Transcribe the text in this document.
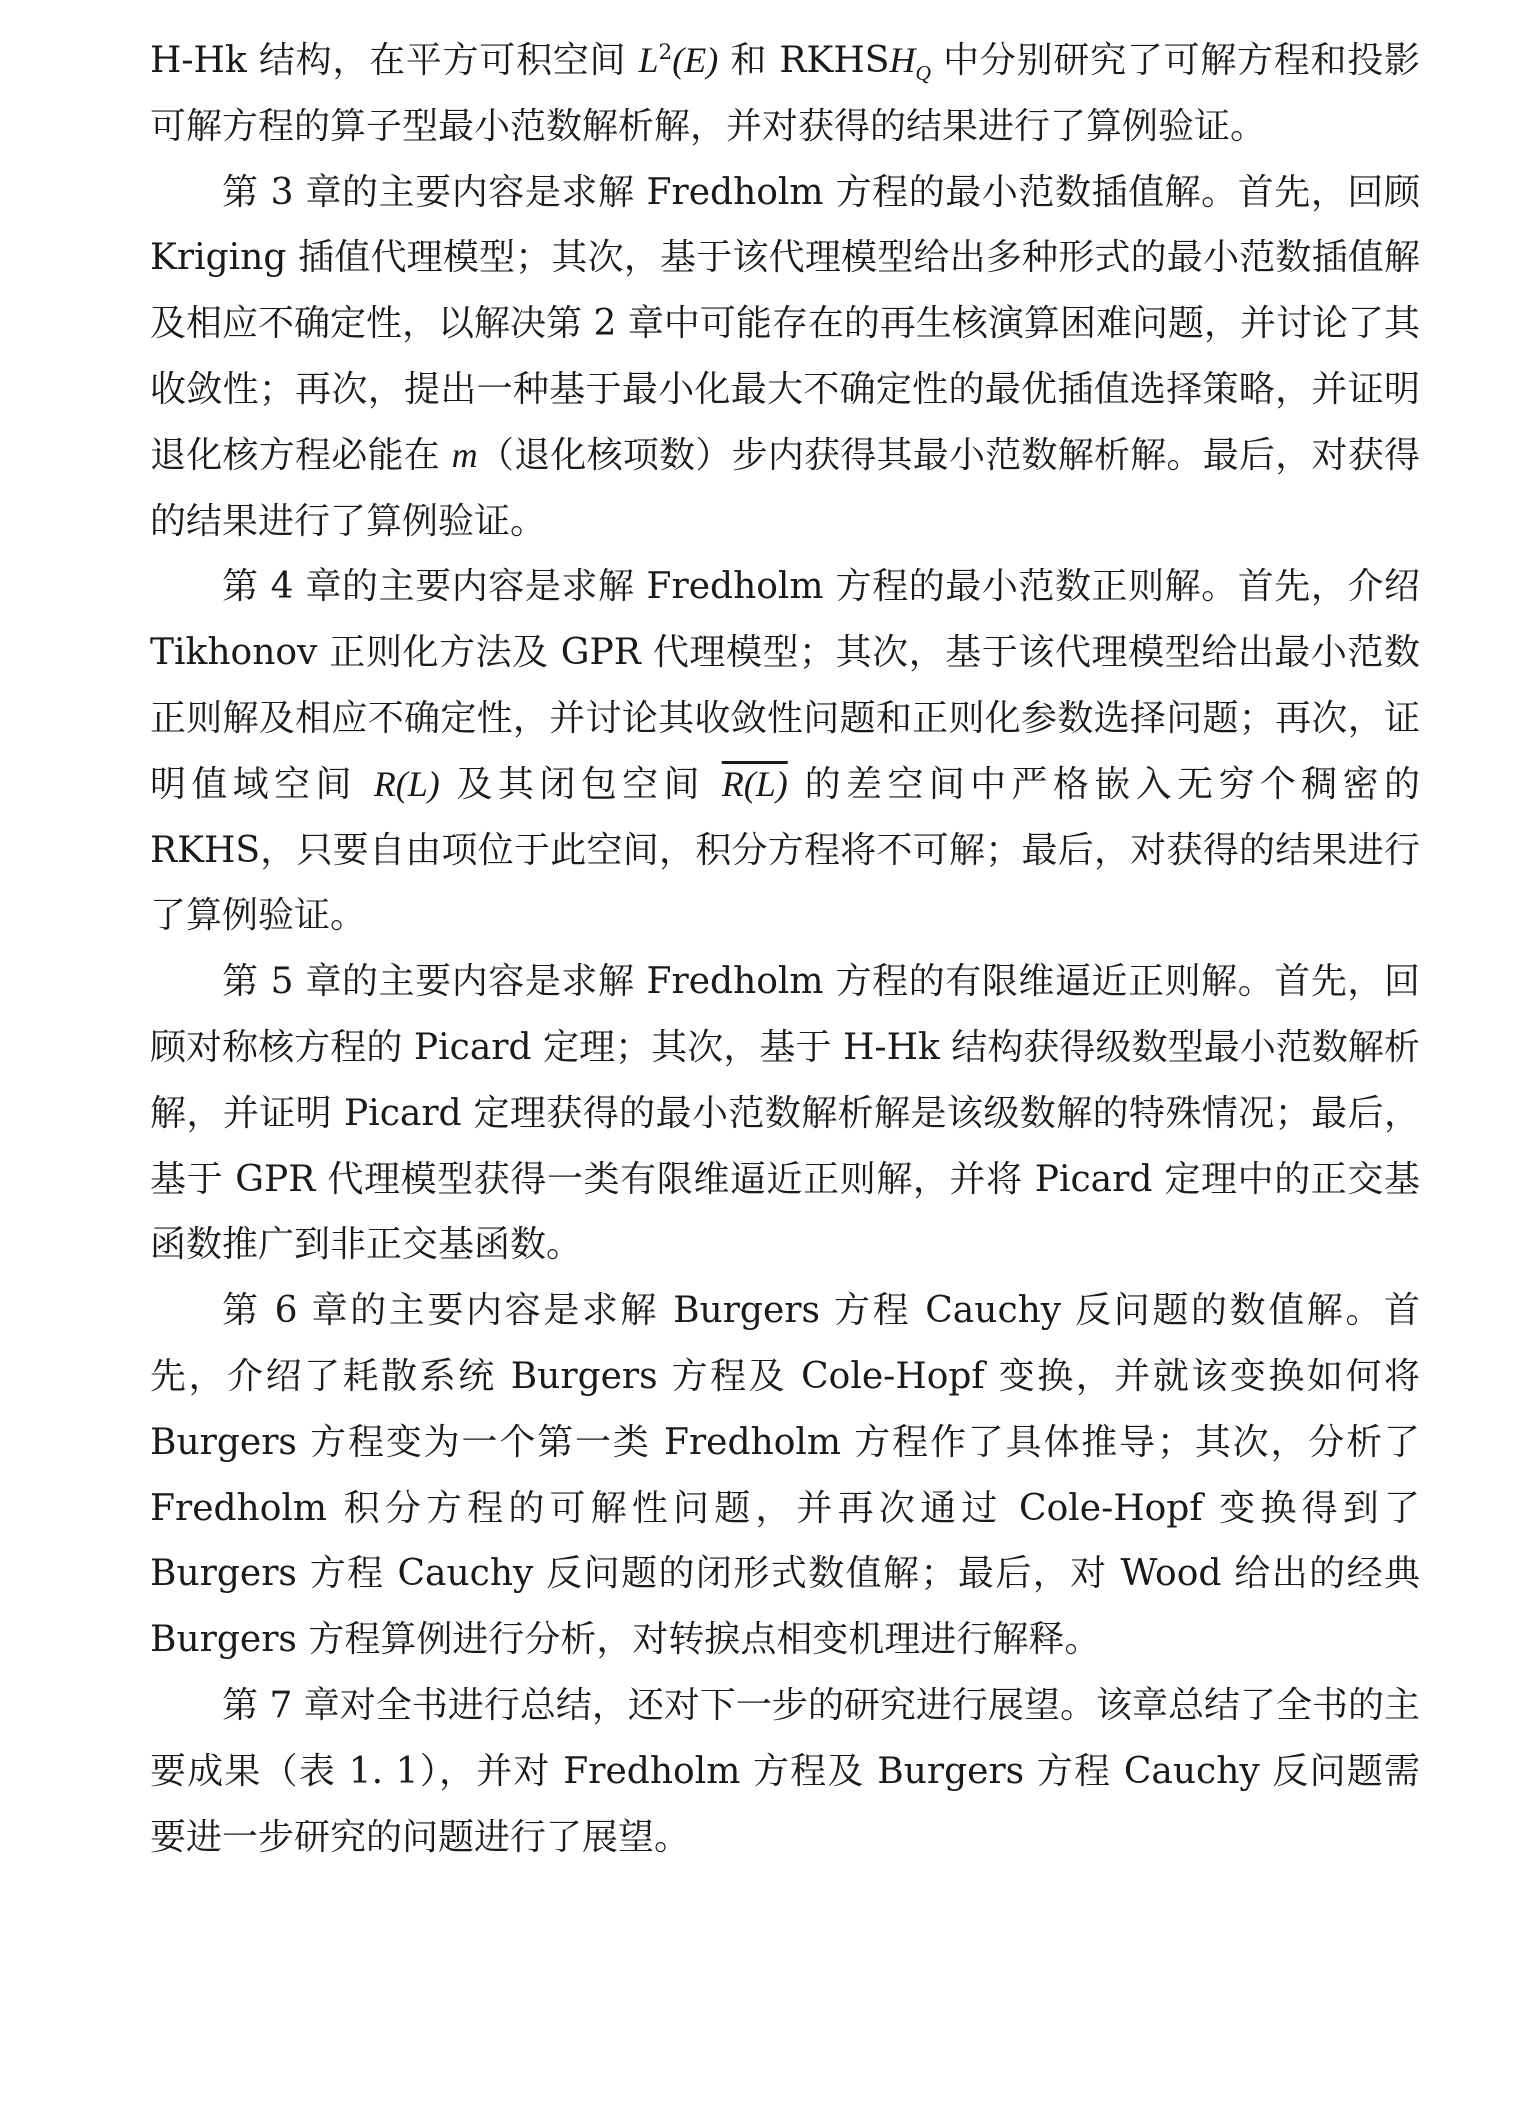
H-Hk 结构，在平方可积空间 $L^2(E)$ 和 $RKHSH_Q$ 中分别研究了可解方程和投影可解方程的算子型最小范数解析解，并对获得的结果进行了算例验证。

第 3 章的主要内容是求解 Fredholm 方程的最小范数插值解。首先，回顾 Kriging 插值代理模型；其次，基于该代理模型给出多种形式的最小范数插值解及相应不确定性，以解决第 2 章中可能存在的再生核演算困难问题，并讨论了其收敛性；再次，提出一种基于最小化最大不确定性的最优插值选择策略，并证明退化核方程必能在 m（退化核项数）步内获得其最小范数解析解。最后，对获得的结果进行了算例验证。

第 4 章的主要内容是求解 Fredholm 方程的最小范数正则解。首先，介绍 Tikhonov 正则化方法及 GPR 代理模型；其次，基于该代理模型给出最小范数正则解及相应不确定性，并讨论其收敛性问题和正则化参数选择问题；再次，证明值域空间 R(L) 及其闭包空间 R(L) 的差空间中严格嵌入无穷个稠密的 RKHS，只要自由项位于此空间，积分方程将不可解；最后，对获得的结果进行了算例验证。

第 5 章的主要内容是求解 Fredholm 方程的有限维逼近正则解。首先，回顾对称核方程的 Picard 定理；其次，基于 H-Hk 结构获得级数型最小范数解析解，并证明 Picard 定理获得的最小范数解析解是该级数解的特殊情况；最后，基于 GPR 代理模型获得一类有限维逼近正则解，并将 Picard 定理中的正交基函数推广到非正交基函数。

第 6 章的主要内容是求解 Burgers 方程 Cauchy 反问题的数值解。首先，介绍了耗散系统 Burgers 方程及 Cole-Hopf 变换，并就该变换如何将 Burgers 方程变为一个第一类 Fredholm 方程作了具体推导；其次，分析了 Fredholm 积分方程的可解性问题，并再次通过 Cole-Hopf 变换得到了 Burgers 方程 Cauchy 反问题的闭形式数值解；最后，对 Wood 给出的经典 Burgers 方程算例进行分析，对转捩点相变机理进行解释。

第 7 章对全书进行总结，还对下一步的研究进行展望。该章总结了全书的主要成果（表 1. 1），并对 Fredholm 方程及 Burgers 方程 Cauchy 反问题需要进一步研究的问题进行了展望。
